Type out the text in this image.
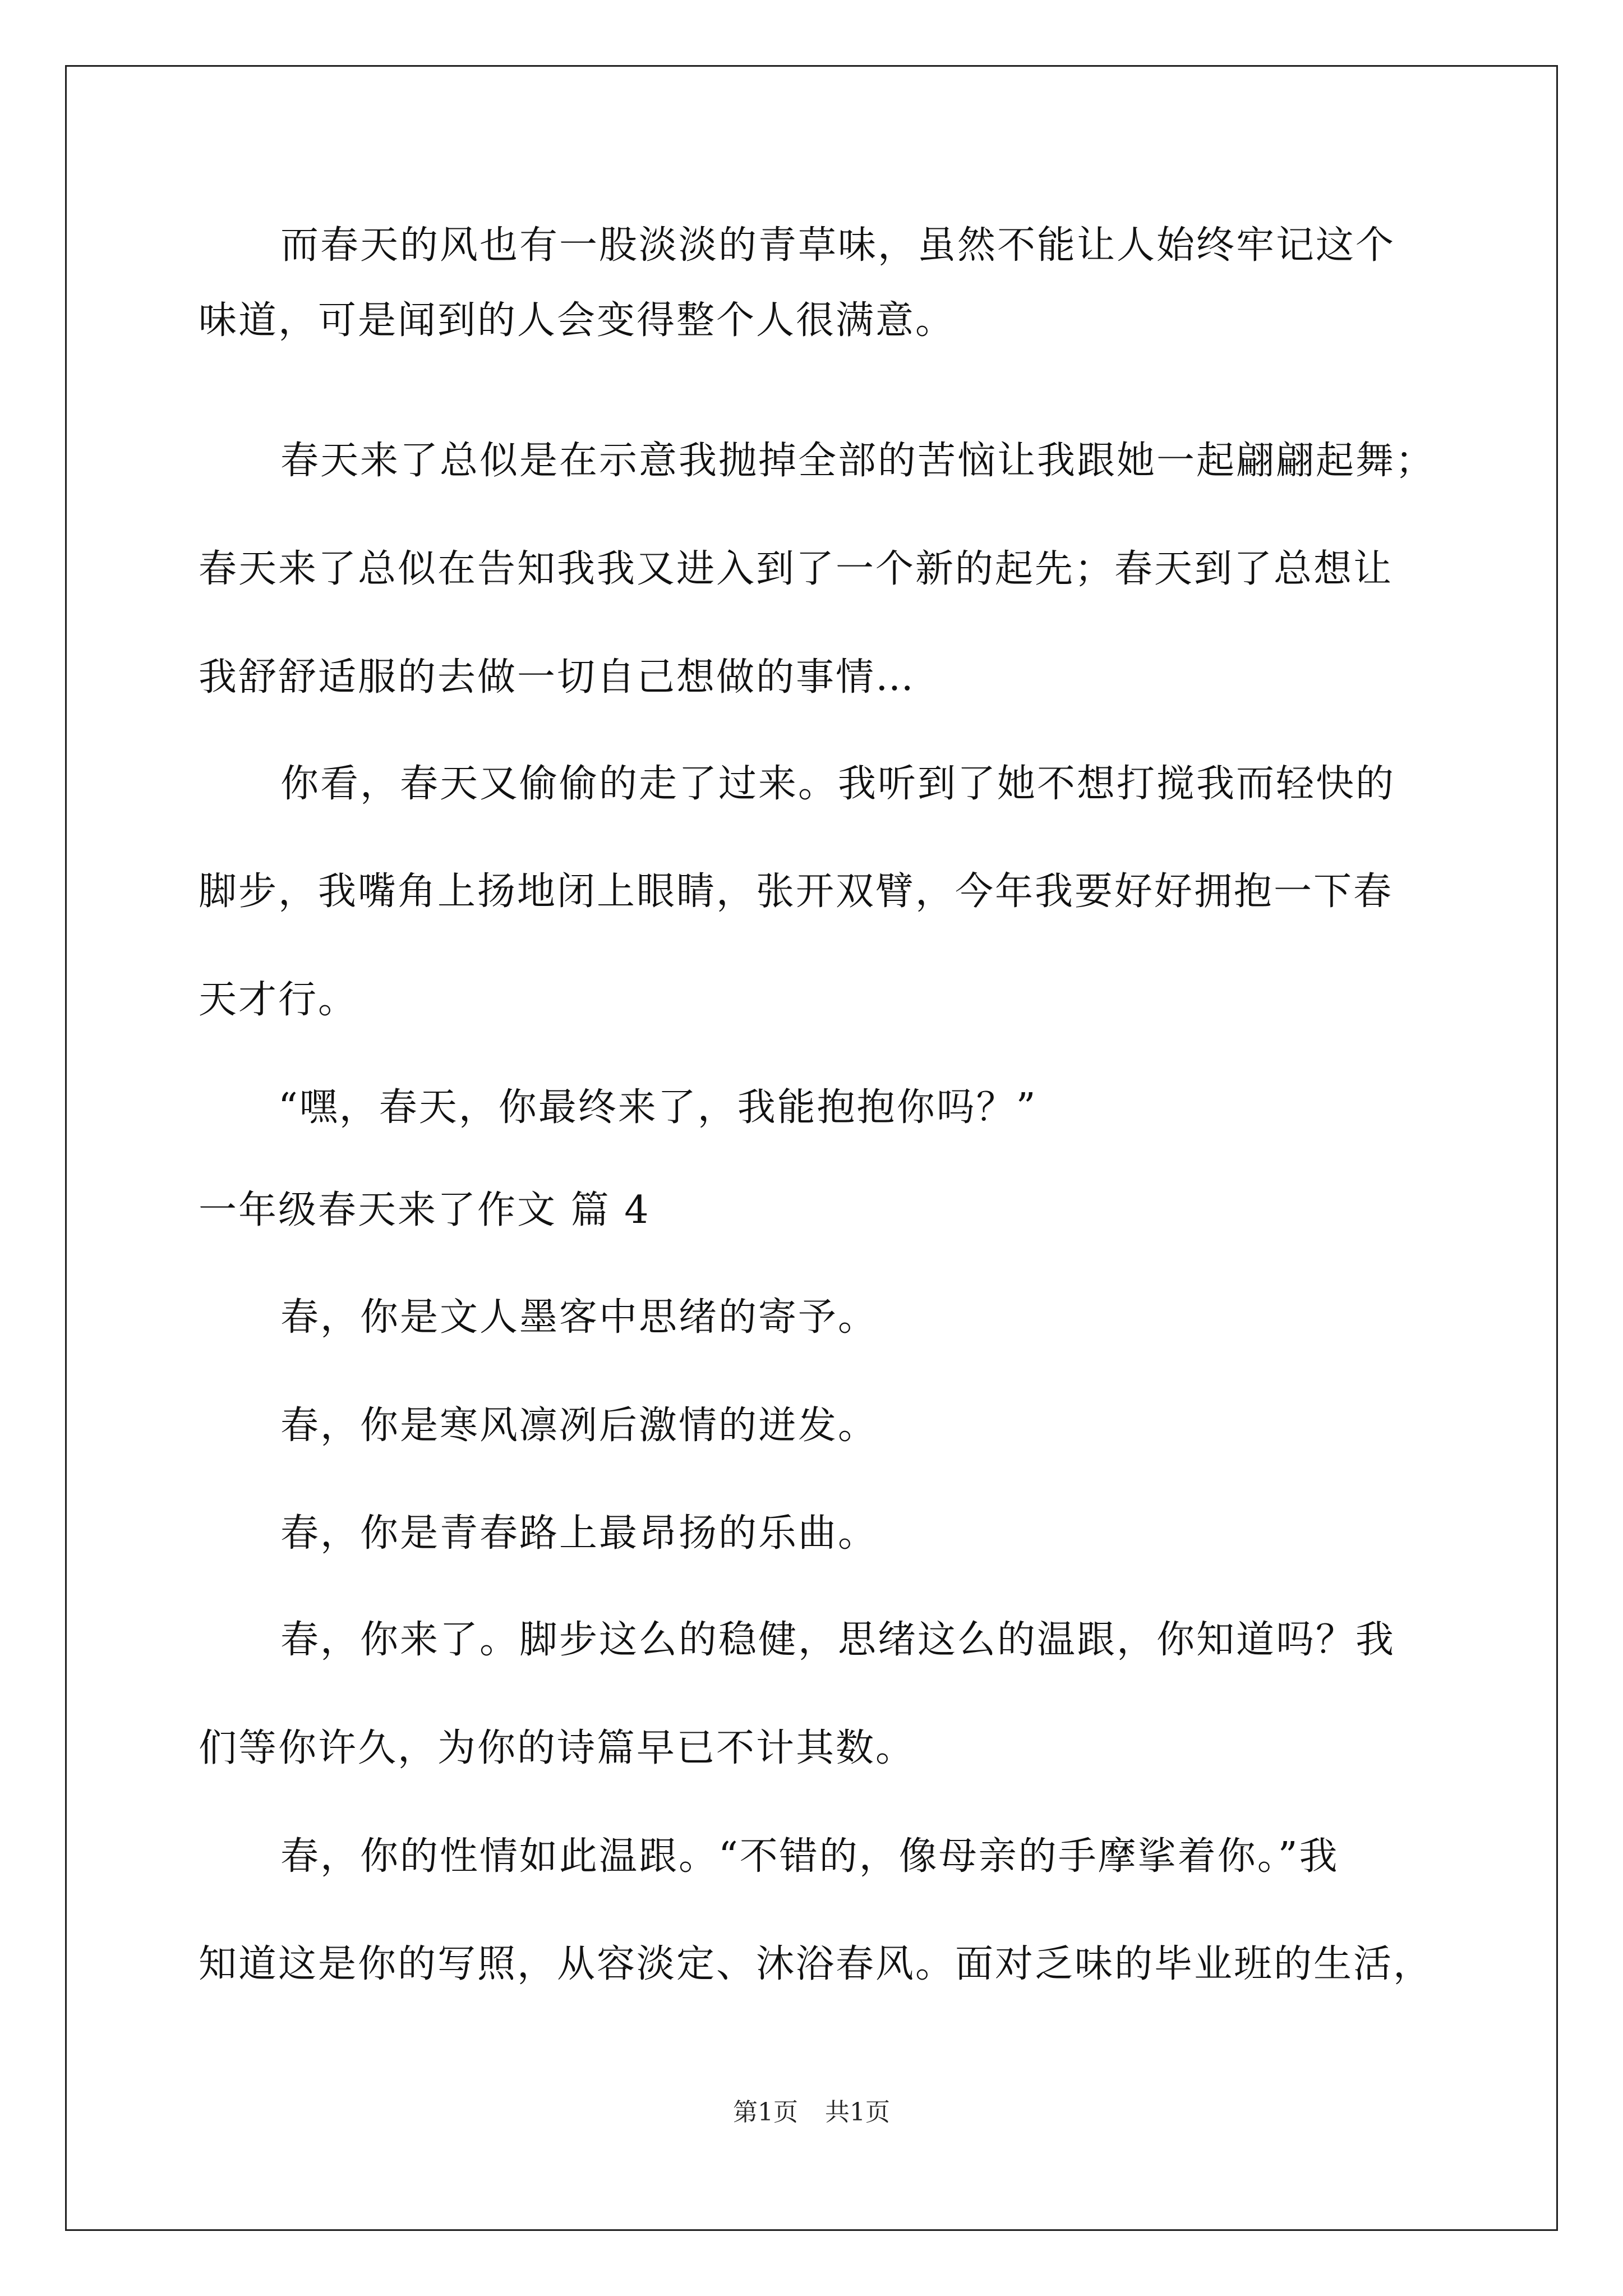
而春天的风也有一股淡淡的青草味，虽然不能让人始终牢记这个
味道，可是闻到的人会变得整个人很满意。
春天来了总似是在示意我抛掉全部的苦恼让我跟她一起翩翩起舞；
春天来了总似在告知我我又进入到了一个新的起先；春天到了总想让
我舒舒适服的去做一切自己想做的事情…
你看，春天又偷偷的走了过来。我听到了她不想打搅我而轻快的
脚步，我嘴角上扬地闭上眼睛，张开双臂，今年我要好好拥抱一下春
天才行。
“嘿，春天，你最终来了，我能抱抱你吗？”
一年级春天来了作文 篇 4
春，你是文人墨客中思绪的寄予。
春，你是寒风凛冽后激情的迸发。
春，你是青春路上最昂扬的乐曲。
春，你来了。脚步这么的稳健，思绪这么的温跟，你知道吗？我
们等你许久，为你的诗篇早已不计其数。
春，你的性情如此温跟。“不错的，像母亲的手摩挲着你。”我
知道这是你的写照，从容淡定、沐浴春风。面对乏味的毕业班的生活，
第1页 共1页
